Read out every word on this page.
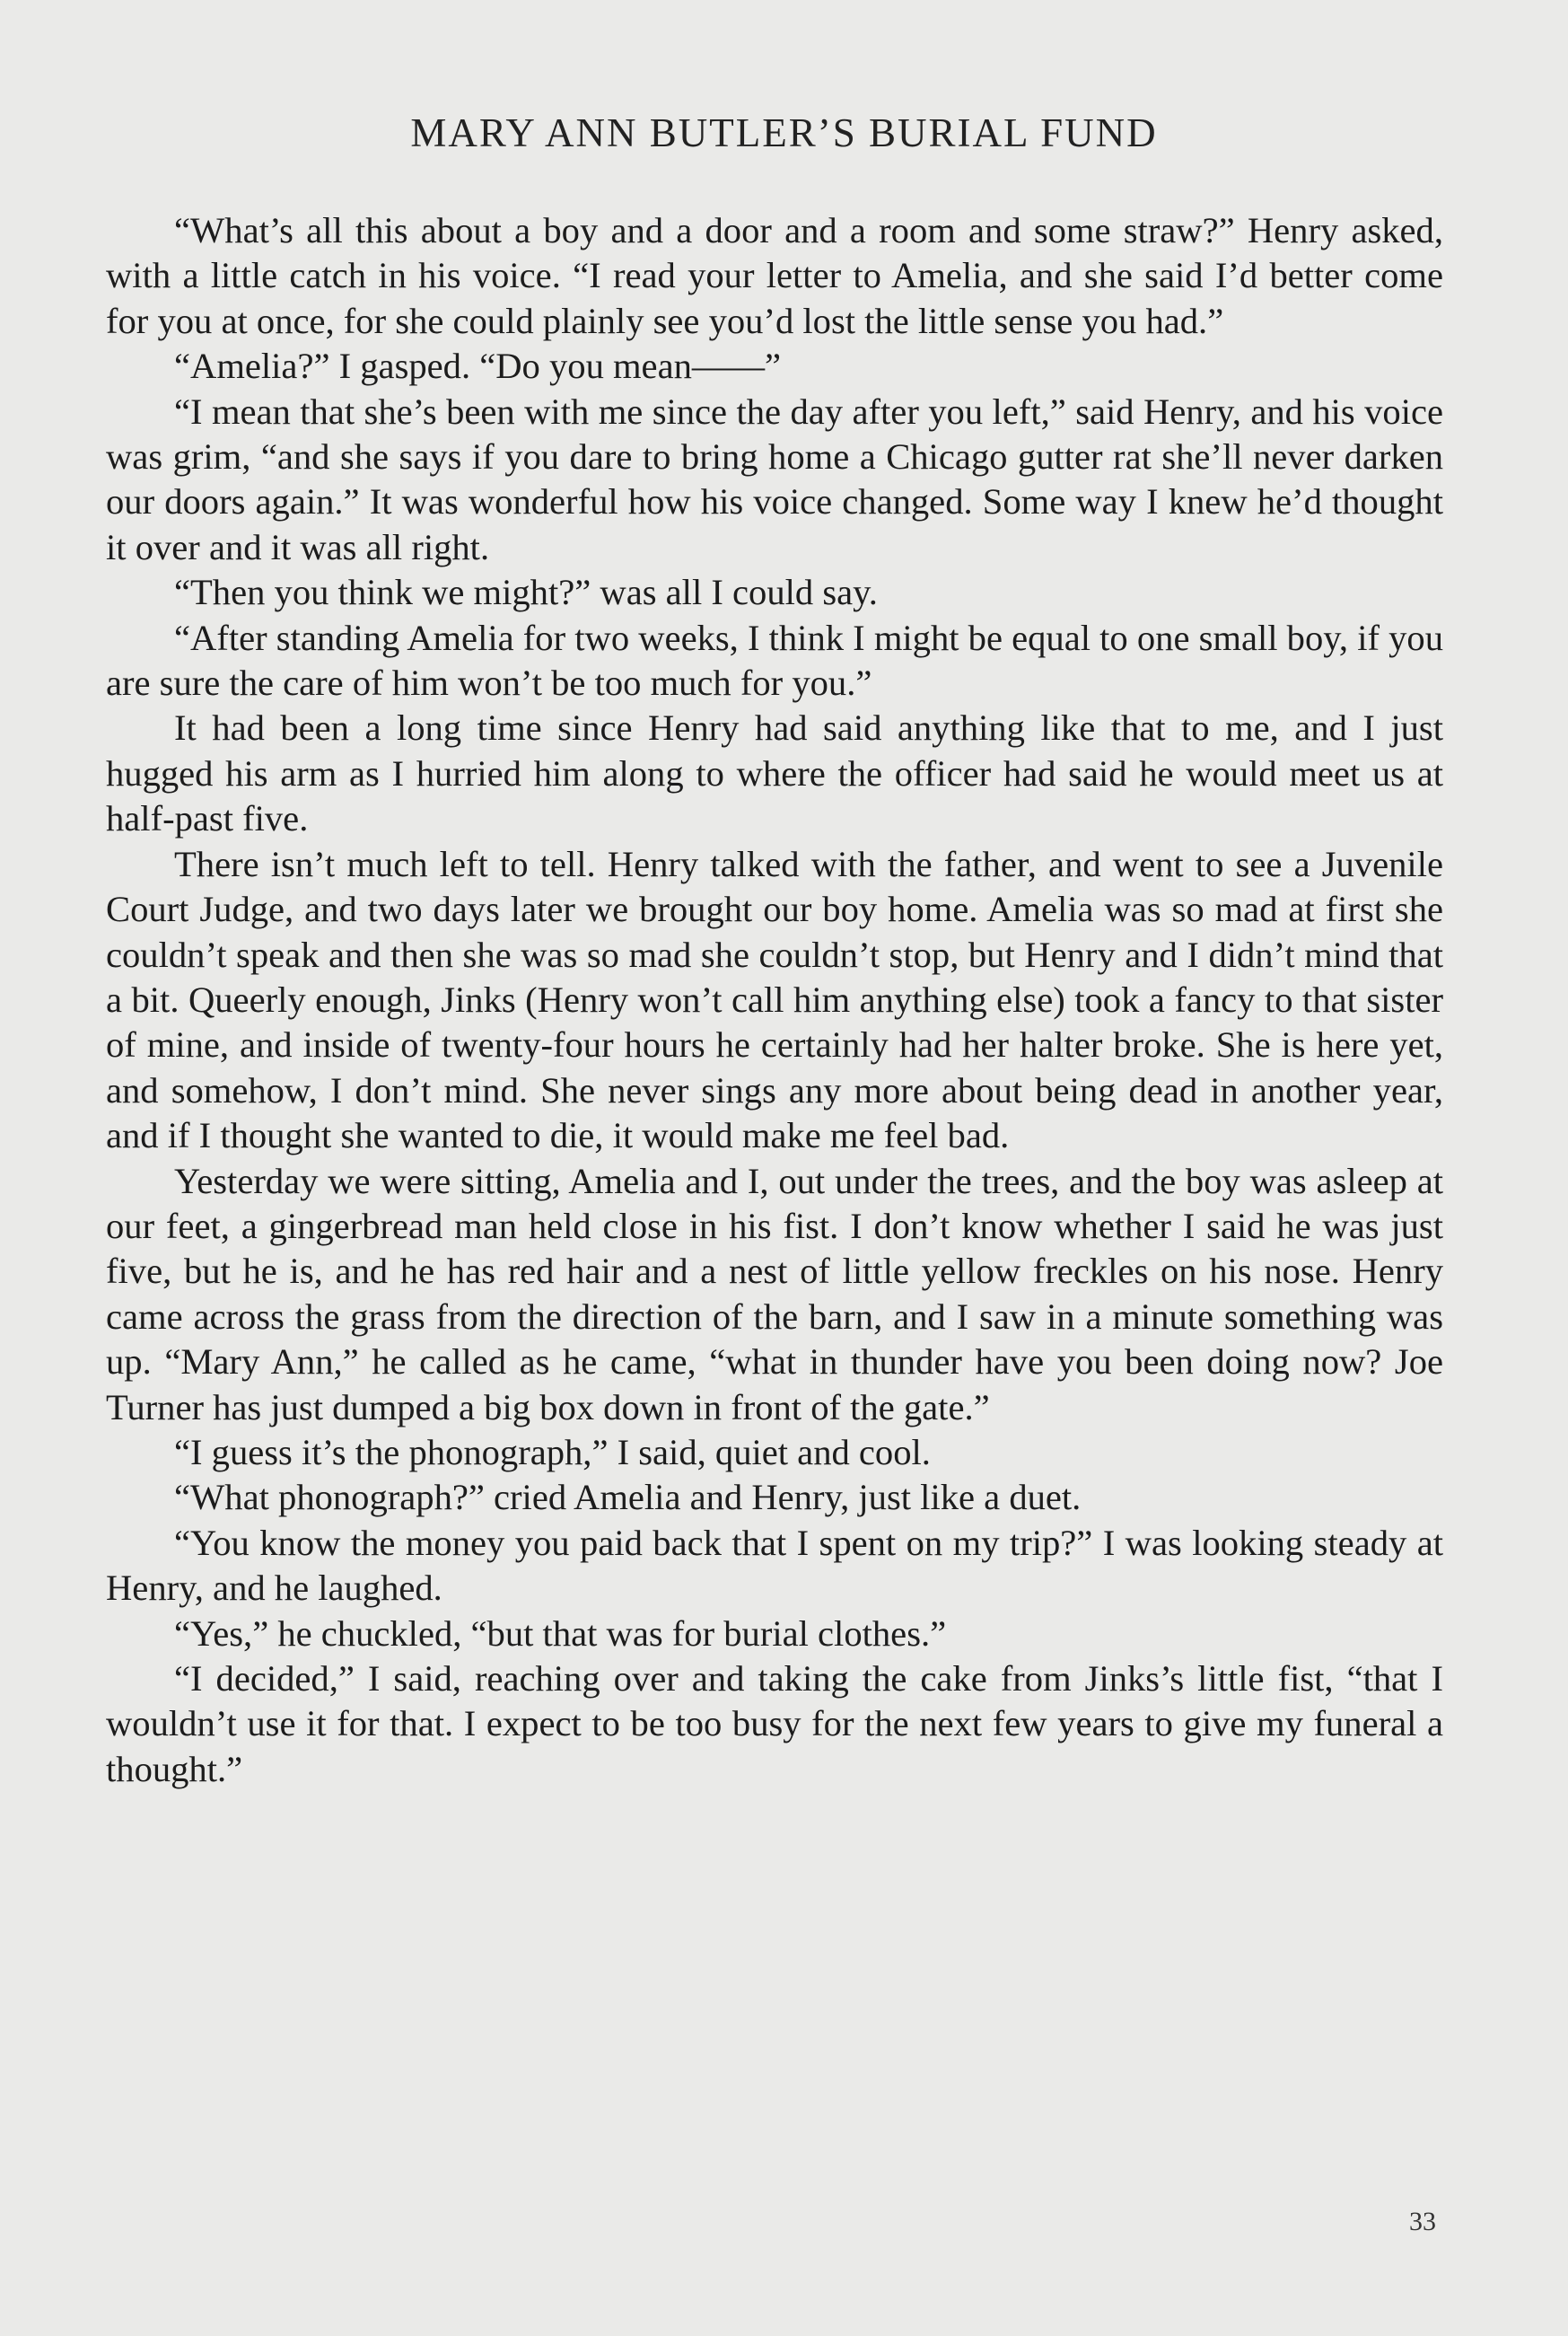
MARY ANN BUTLER’S BURIAL FUND

“What’s all this about a boy and a door and a room and some straw?” Henry asked, with a little catch in his voice. “I read your letter to Amelia, and she said I’d better come for you at once, for she could plainly see you’d lost the little sense you had.”

“Amelia?” I gasped. “Do you mean——”

“I mean that she’s been with me since the day after you left,” said Henry, and his voice was grim, “and she says if you dare to bring home a Chicago gutter rat she’ll never darken our doors again.” It was wonderful how his voice changed. Some way I knew he’d thought it over and it was all right.

“Then you think we might?” was all I could say.

“After standing Amelia for two weeks, I think I might be equal to one small boy, if you are sure the care of him won’t be too much for you.”

It had been a long time since Henry had said anything like that to me, and I just hugged his arm as I hurried him along to where the officer had said he would meet us at half-past five.

There isn’t much left to tell. Henry talked with the father, and went to see a Juvenile Court Judge, and two days later we brought our boy home. Amelia was so mad at first she couldn’t speak and then she was so mad she couldn’t stop, but Henry and I didn’t mind that a bit. Queerly enough, Jinks (Henry won’t call him anything else) took a fancy to that sister of mine, and inside of twenty-four hours he certainly had her halter broke. She is here yet, and somehow, I don’t mind. She never sings any more about being dead in another year, and if I thought she wanted to die, it would make me feel bad.

Yesterday we were sitting, Amelia and I, out under the trees, and the boy was asleep at our feet, a gingerbread man held close in his fist. I don’t know whether I said he was just five, but he is, and he has red hair and a nest of little yellow freckles on his nose. Henry came across the grass from the direction of the barn, and I saw in a minute something was up. “Mary Ann,” he called as he came, “what in thunder have you been doing now? Joe Turner has just dumped a big box down in front of the gate.”

“I guess it’s the phonograph,” I said, quiet and cool.

“What phonograph?” cried Amelia and Henry, just like a duet.

“You know the money you paid back that I spent on my trip?” I was looking steady at Henry, and he laughed.

“Yes,” he chuckled, “but that was for burial clothes.”

“I decided,” I said, reaching over and taking the cake from Jinks’s little fist, “that I wouldn’t use it for that. I expect to be too busy for the next few years to give my funeral a thought.”

33
